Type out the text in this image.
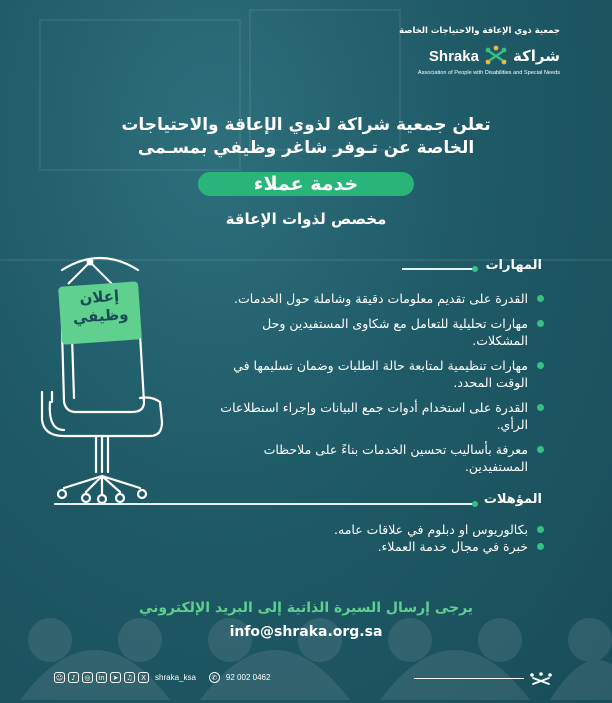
جمعية ذوي الإعاقة والاحتياجات الخاصة
Shraka شراكة
Association of People with Disabilities and Special Needs
تعلن جمعية شراكة لذوي الإعاقة والاحتياجات
الخاصة عن تـوفر شاغر وظيفي بمسـمى
خدمة عملاء
مخصص لذوات الإعاقة
إعلان
وظيفي
المهارات
القدرة على تقديم معلومات دقيقة وشاملة حول الخدمات.
مهارات تحليلية للتعامل مع شكاوى المستفيدين وحل المشكلات.
مهارات تنظيمية لمتابعة حالة الطلبات وضمان تسليمها في الوقت المحدد.
القدرة على استخدام أدوات جمع البيانات وإجراء استطلاعات الرأي.
معرفة بأساليب تحسين الخدمات بناءً على ملاحظات المستفيدين.
المؤهلات
بكالوريوس او دبلوم في علاقات عامه.
خبرة في مجال خدمة العملاء.
يرجى إرسال السيرة الذاتية إلى البريد الإلكتروني
info@shraka.org.sa
☺	♪	◎	in	➤	♫	X	shraka_ksa	✆	92 002 0462
